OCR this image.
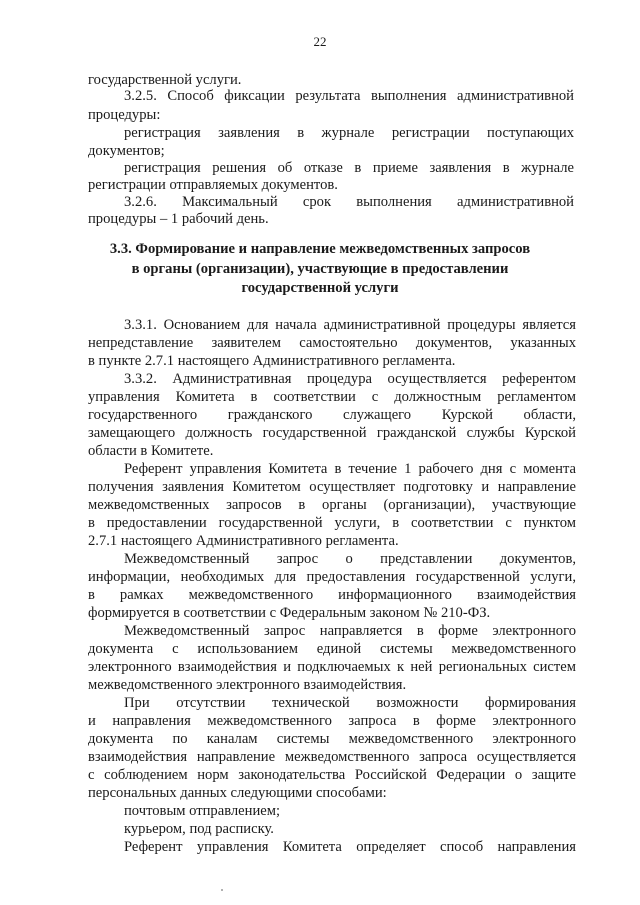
22
государственной услуги.
3.2.5. Способ фиксации результата выполнения административной
процедуры:
регистрация заявления в журнале регистрации поступающих
документов;
регистрация решения об отказе в приеме заявления в журнале
регистрации отправляемых документов.
3.2.6. Максимальный срок выполнения административной
процедуры – 1 рабочий день.
3.3. Формирование и направление межведомственных запросов
в органы (организации), участвующие в предоставлении
государственной услуги
3.3.1. Основанием для начала административной процедуры является
непредставление заявителем самостоятельно документов, указанных
в пункте 2.7.1 настоящего Административного регламента.
3.3.2. Административная процедура осуществляется референтом
управления Комитета в соответствии с должностным регламентом
государственного гражданского служащего Курской области,
замещающего должность государственной гражданской службы Курской
области в Комитете.
Референт управления Комитета в течение 1 рабочего дня с момента
получения заявления Комитетом осуществляет подготовку и направление
межведомственных запросов в органы (организации), участвующие
в предоставлении государственной услуги, в соответствии с пунктом
2.7.1 настоящего Административного регламента.
Межведомственный запрос о представлении документов,
информации, необходимых для предоставления государственной услуги,
в рамках межведомственного информационного взаимодействия
формируется в соответствии с Федеральным законом № 210-ФЗ.
Межведомственный запрос направляется в форме электронного
документа с использованием единой системы межведомственного
электронного взаимодействия и подключаемых к ней региональных систем
межведомственного электронного взаимодействия.
При отсутствии технической возможности формирования
и направления межведомственного запроса в форме электронного
документа по каналам системы межведомственного электронного
взаимодействия направление межведомственного запроса осуществляется
с соблюдением норм законодательства Российской Федерации о защите
персональных данных следующими способами:
почтовым отправлением;
курьером, под расписку.
Референт управления Комитета определяет способ направления
